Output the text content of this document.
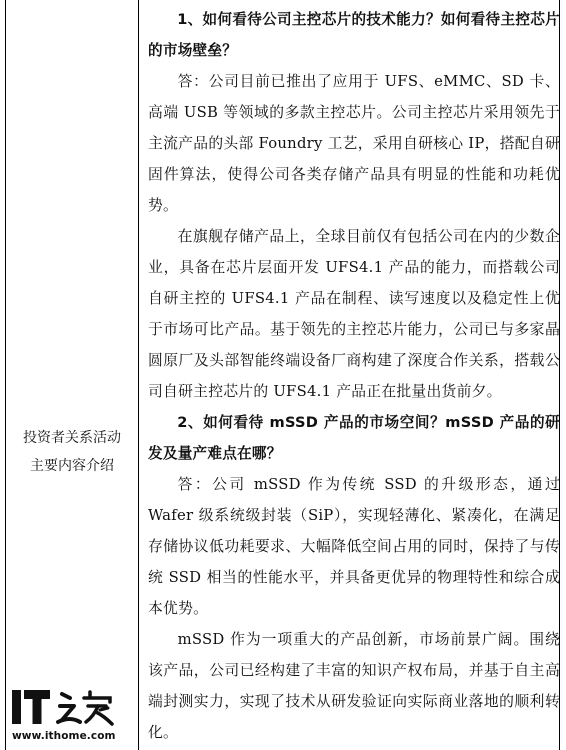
投资者关系活动
主要内容介绍

1、如何看待公司主控芯片的技术能力？如何看待主控芯片的市场壁垒？

答：公司目前已推出了应用于 UFS、eMMC、SD 卡、高端 USB 等领域的多款主控芯片。公司主控芯片采用领先于主流产品的头部 Foundry 工艺，采用自研核心 IP，搭配自研固件算法，使得公司各类存储产品具有明显的性能和功耗优势。

在旗舰存储产品上，全球目前仅有包括公司在内的少数企业，具备在芯片层面开发 UFS4.1 产品的能力，而搭载公司自研主控的 UFS4.1 产品在制程、读写速度以及稳定性上优于市场可比产品。基于领先的主控芯片能力，公司已与多家晶圆原厂及头部智能终端设备厂商构建了深度合作关系，搭载公司自研主控芯片的 UFS4.1 产品正在批量出货前夕。

2、如何看待 mSSD 产品的市场空间？mSSD 产品的研发及量产难点在哪？

答：公司 mSSD 作为传统 SSD 的升级形态，通过 Wafer 级系统级封装（SiP），实现轻薄化、紧凑化，在满足存储协议低功耗要求、大幅降低空间占用的同时，保持了与传统 SSD 相当的性能水平，并具备更优异的物理特性和综合成本优势。

mSSD 作为一项重大的产品创新，市场前景广阔。围绕该产品，公司已经构建了丰富的知识产权布局，并基于自主高端封测实力，实现了技术从研发验证向实际商业落地的顺利转化。

www.ithome.com
